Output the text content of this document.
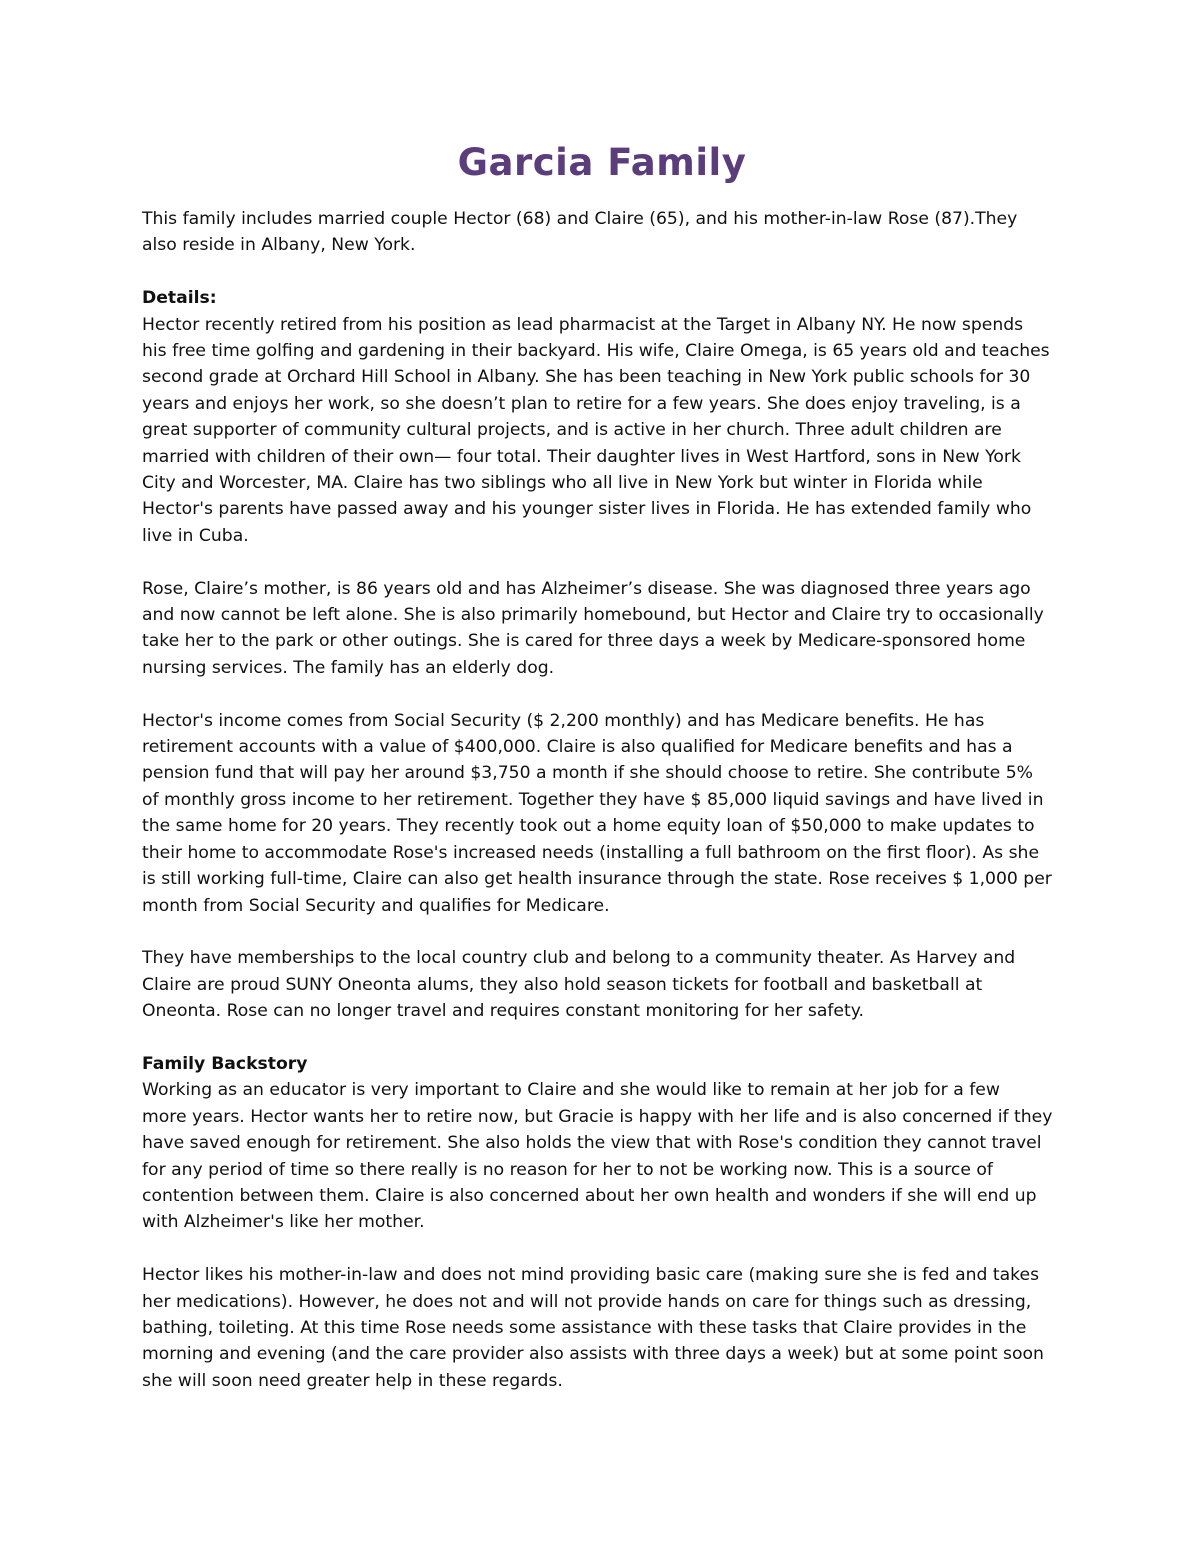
Garcia Family
This family includes married couple Hector (68) and Claire (65), and his mother-in-law Rose (87).They
also reside in Albany, New York.
Details:
Hector recently retired from his position as lead pharmacist at the Target in Albany NY. He now spends
his free time golfing and gardening in their backyard. His wife, Claire Omega, is 65 years old and teaches
second grade at Orchard Hill School in Albany. She has been teaching in New York public schools for 30
years and enjoys her work, so she doesn’t plan to retire for a few years. She does enjoy traveling, is a
great supporter of community cultural projects, and is active in her church. Three adult children are
married with children of their own— four total. Their daughter lives in West Hartford, sons in New York
City and Worcester, MA. Claire has two siblings who all live in New York but winter in Florida while
Hector's parents have passed away and his younger sister lives in Florida. He has extended family who
live in Cuba.
Rose, Claire’s mother, is 86 years old and has Alzheimer’s disease. She was diagnosed three years ago
and now cannot be left alone. She is also primarily homebound, but Hector and Claire try to occasionally
take her to the park or other outings. She is cared for three days a week by Medicare-sponsored home
nursing services. The family has an elderly dog.
Hector's income comes from Social Security ($ 2,200 monthly) and has Medicare benefits. He has
retirement accounts with a value of $400,000. Claire is also qualified for Medicare benefits and has a
pension fund that will pay her around $3,750 a month if she should choose to retire. She contribute 5%
of monthly gross income to her retirement. Together they have $ 85,000 liquid savings and have lived in
the same home for 20 years. They recently took out a home equity loan of $50,000 to make updates to
their home to accommodate Rose's increased needs (installing a full bathroom on the first floor). As she
is still working full-time, Claire can also get health insurance through the state. Rose receives $ 1,000 per
month from Social Security and qualifies for Medicare.
They have memberships to the local country club and belong to a community theater. As Harvey and
Claire are proud SUNY Oneonta alums, they also hold season tickets for football and basketball at
Oneonta. Rose can no longer travel and requires constant monitoring for her safety.
Family Backstory
Working as an educator is very important to Claire and she would like to remain at her job for a few
more years. Hector wants her to retire now, but Gracie is happy with her life and is also concerned if they
have saved enough for retirement. She also holds the view that with Rose's condition they cannot travel
for any period of time so there really is no reason for her to not be working now. This is a source of
contention between them. Claire is also concerned about her own health and wonders if she will end up
with Alzheimer's like her mother.
Hector likes his mother-in-law and does not mind providing basic care (making sure she is fed and takes
her medications). However, he does not and will not provide hands on care for things such as dressing,
bathing, toileting. At this time Rose needs some assistance with these tasks that Claire provides in the
morning and evening (and the care provider also assists with three days a week) but at some point soon
she will soon need greater help in these regards.
